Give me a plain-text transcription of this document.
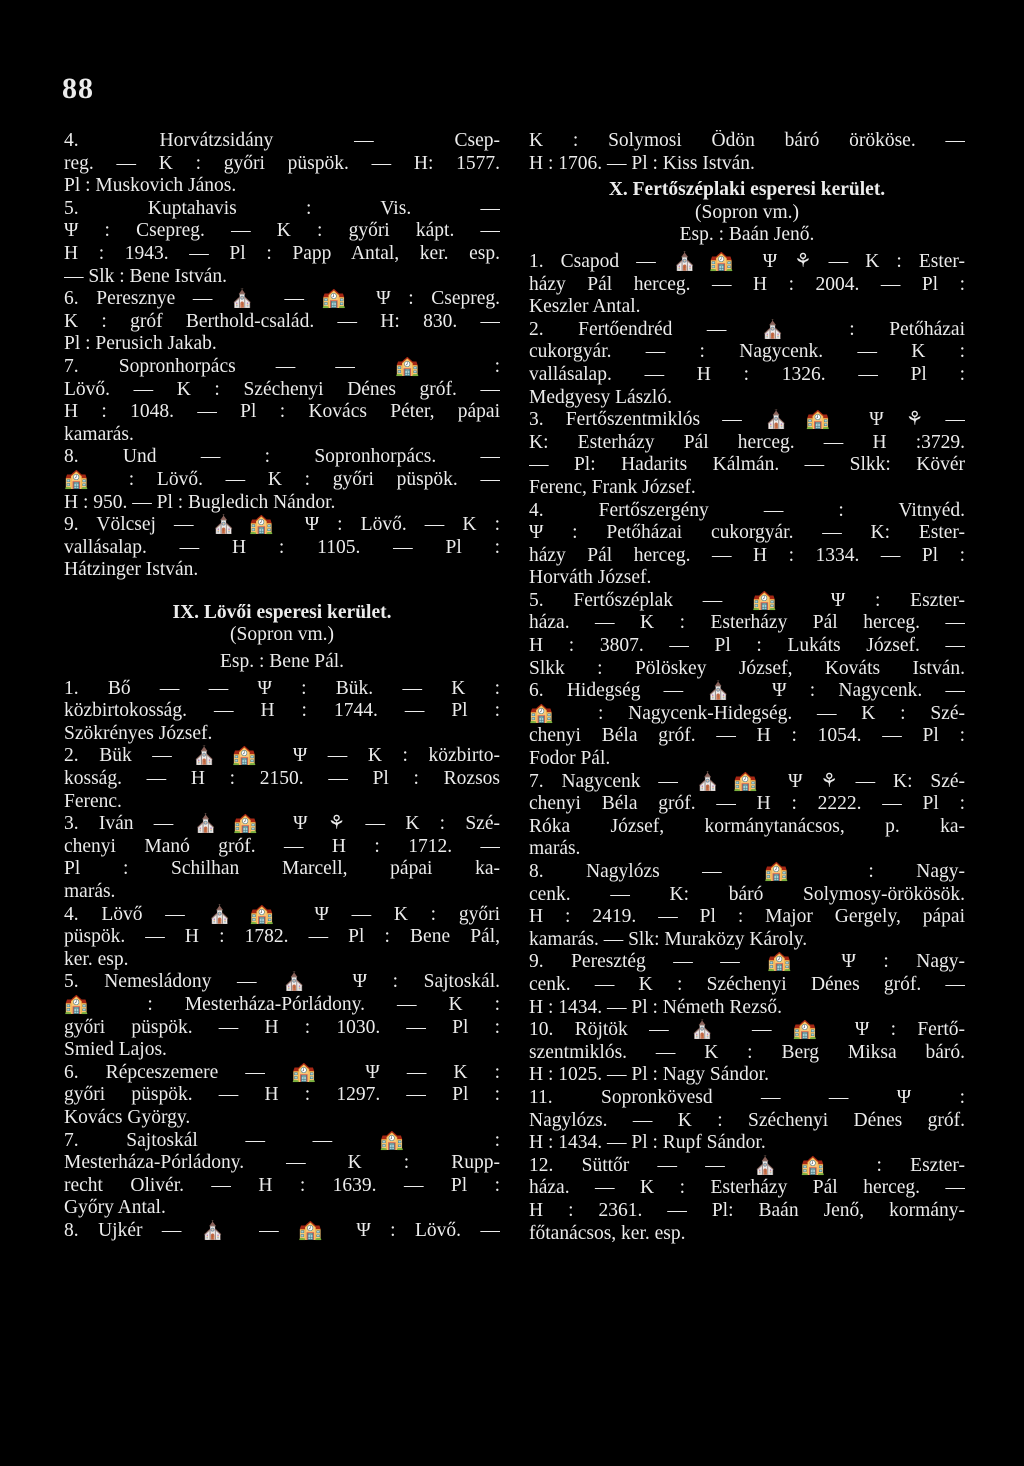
88
4. Horvátzsidány — Csep-
reg. — K : győri püspök. — H: 1577.
Pl : Muskovich János.
5. Kuptahavis : Vis. —
Ψ : Csepreg. — K : győri kápt. —
H : 1943. — Pl : Papp Antal, ker. esp.
— Slk : Bene István.
6. Peresznye — ⛪ — 🏫 Ψ : Csepreg.
K : gróf Berthold-család. — H: 830. —
Pl : Perusich Jakab.
7. Sopronhorpács — — 🏫 :
Lövő. — K : Széchenyi Dénes gróf. —
H : 1048. — Pl : Kovács Péter, pápai
kamarás.
8. Und — : Sopronhorpács. —
🏫 : Lövő. — K : győri püspök. —
H : 950. — Pl : Bugledich Nándor.
9. Völcsej — ⛪🏫 Ψ : Lövő. — K :
vallásalap. — H : 1105. — Pl :
Hátzinger István.
IX. Lövői esperesi kerület.
(Sopron vm.)
Esp. : Bene Pál.
1. Bő — — Ψ : Bük. — K :
közbirtokosság. — H : 1744. — Pl :
Szökrényes József.
2. Bük — ⛪🏫 Ψ — K : közbirto-
kosság. — H : 2150. — Pl : Rozsos
Ferenc.
3. Iván — ⛪🏫 Ψ ⚘ — K : Szé-
chenyi Manó gróf. — H : 1712. —
Pl : Schilhan Marcell, pápai ka-
marás.
4. Lövő — ⛪🏫 Ψ — K : győri
püspök. — H : 1782. — Pl : Bene Pál,
ker. esp.
5. Nemesládony — ⛪ Ψ : Sajtoskál.
🏫 : Mesterháza-Pórládony. — K :
győri püspök. — H : 1030. — Pl :
Smied Lajos.
6. Répceszemere — 🏫 Ψ — K :
győri püspök. — H : 1297. — Pl :
Kovács György.
7. Sajtoskál — — 🏫 :
Mesterháza-Pórládony. — K : Rupp-
recht Olivér. — H : 1639. — Pl :
Győry Antal.
8. Ujkér — ⛪ — 🏫 Ψ : Lövő. —
K : Solymosi Ödön báró örököse. —
H : 1706. — Pl : Kiss István.
X. Fertőszéplaki esperesi kerület.
(Sopron vm.)
Esp. : Baán Jenő.
1. Csapod — ⛪🏫 Ψ ⚘ — K : Ester-
házy Pál herceg. — H : 2004. — Pl :
Keszler Antal.
2. Fertőendréd — ⛪ : Petőházai
cukorgyár. — : Nagycenk. — K :
vallásalap. — H : 1326. — Pl :
Medgyesy László.
3. Fertőszentmiklós — ⛪🏫 Ψ ⚘ —
K: Esterházy Pál herceg. — H :3729.
— Pl: Hadarits Kálmán. — Slkk: Kövér
Ferenc, Frank József.
4. Fertőszergény — : Vitnyéd.
Ψ : Petőházai cukorgyár. — K: Ester-
házy Pál herceg. — H : 1334. — Pl :
Horváth József.
5. Fertőszéplak — 🏫 Ψ : Eszter-
háza. — K : Esterházy Pál herceg. —
H : 3807. — Pl : Lukáts József. —
Slkk : Pölöskey József, Kováts István.
6. Hidegség — ⛪ Ψ : Nagycenk. —
🏫 : Nagycenk-Hidegség. — K : Szé-
chenyi Béla gróf. — H : 1054. — Pl :
Fodor Pál.
7. Nagycenk — ⛪🏫 Ψ ⚘ — K: Szé-
chenyi Béla gróf. — H : 2222. — Pl :
Róka József, kormánytanácsos, p. ka-
marás.
8. Nagylózs — 🏫 : Nagy-
cenk. — K: báró Solymosy-örökösök.
H : 2419. — Pl : Major Gergely, pápai
kamarás. — Slk: Muraközy Károly.
9. Peresztég — — 🏫 Ψ : Nagy-
cenk. — K : Széchenyi Dénes gróf. —
H : 1434. — Pl : Németh Rezső.
10. Röjtök — ⛪ — 🏫 Ψ : Fertő-
szentmiklós. — K : Berg Miksa báró.
H : 1025. — Pl : Nagy Sándor.
11. Sopronkövesd — — Ψ :
Nagylózs. — K : Széchenyi Dénes gróf.
H : 1434. — Pl : Rupf Sándor.
12. Süttőr — — ⛪🏫 : Eszter-
háza. — K : Esterházy Pál herceg. —
H : 2361. — Pl: Baán Jenő, kormány-
főtanácsos, ker. esp.
